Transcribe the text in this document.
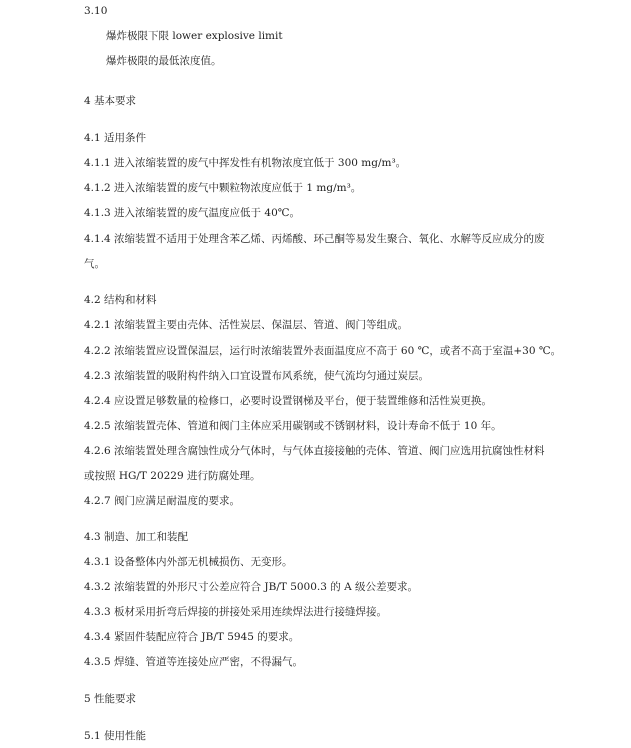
3.10
爆炸极限下限 lower explosive limit
爆炸极限的最低浓度值。
4 基本要求
4.1 适用条件
4.1.1 进入浓缩装置的废气中挥发性有机物浓度宜低于 300 mg/m³。
4.1.2 进入浓缩装置的废气中颗粒物浓度应低于 1 mg/m³。
4.1.3 进入浓缩装置的废气温度应低于 40℃。
4.1.4 浓缩装置不适用于处理含苯乙烯、丙烯酸、环己酮等易发生聚合、氧化、水解等反应成分的废
气。
4.2 结构和材料
4.2.1 浓缩装置主要由壳体、活性炭层、保温层、管道、阀门等组成。
4.2.2 浓缩装置应设置保温层，运行时浓缩装置外表面温度应不高于 60 ℃，或者不高于室温+30 ℃。
4.2.3 浓缩装置的吸附构件纳入口宜设置布风系统，使气流均匀通过炭层。
4.2.4 应设置足够数量的检修口，必要时设置钢梯及平台，便于装置维修和活性炭更换。
4.2.5 浓缩装置壳体、管道和阀门主体应采用碳钢或不锈钢材料，设计寿命不低于 10 年。
4.2.6 浓缩装置处理含腐蚀性成分气体时，与气体直接接触的壳体、管道、阀门应选用抗腐蚀性材料
或按照 HG/T 20229 进行防腐处理。
4.2.7 阀门应满足耐温度的要求。
4.3 制造、加工和装配
4.3.1 设备整体内外部无机械损伤、无变形。
4.3.2 浓缩装置的外形尺寸公差应符合 JB/T 5000.3 的 A 级公差要求。
4.3.3 板材采用折弯后焊接的拼接处采用连续焊法进行接缝焊接。
4.3.4 紧固件装配应符合 JB/T 5945 的要求。
4.3.5 焊缝、管道等连接处应严密，不得漏气。
5 性能要求
5.1 使用性能
